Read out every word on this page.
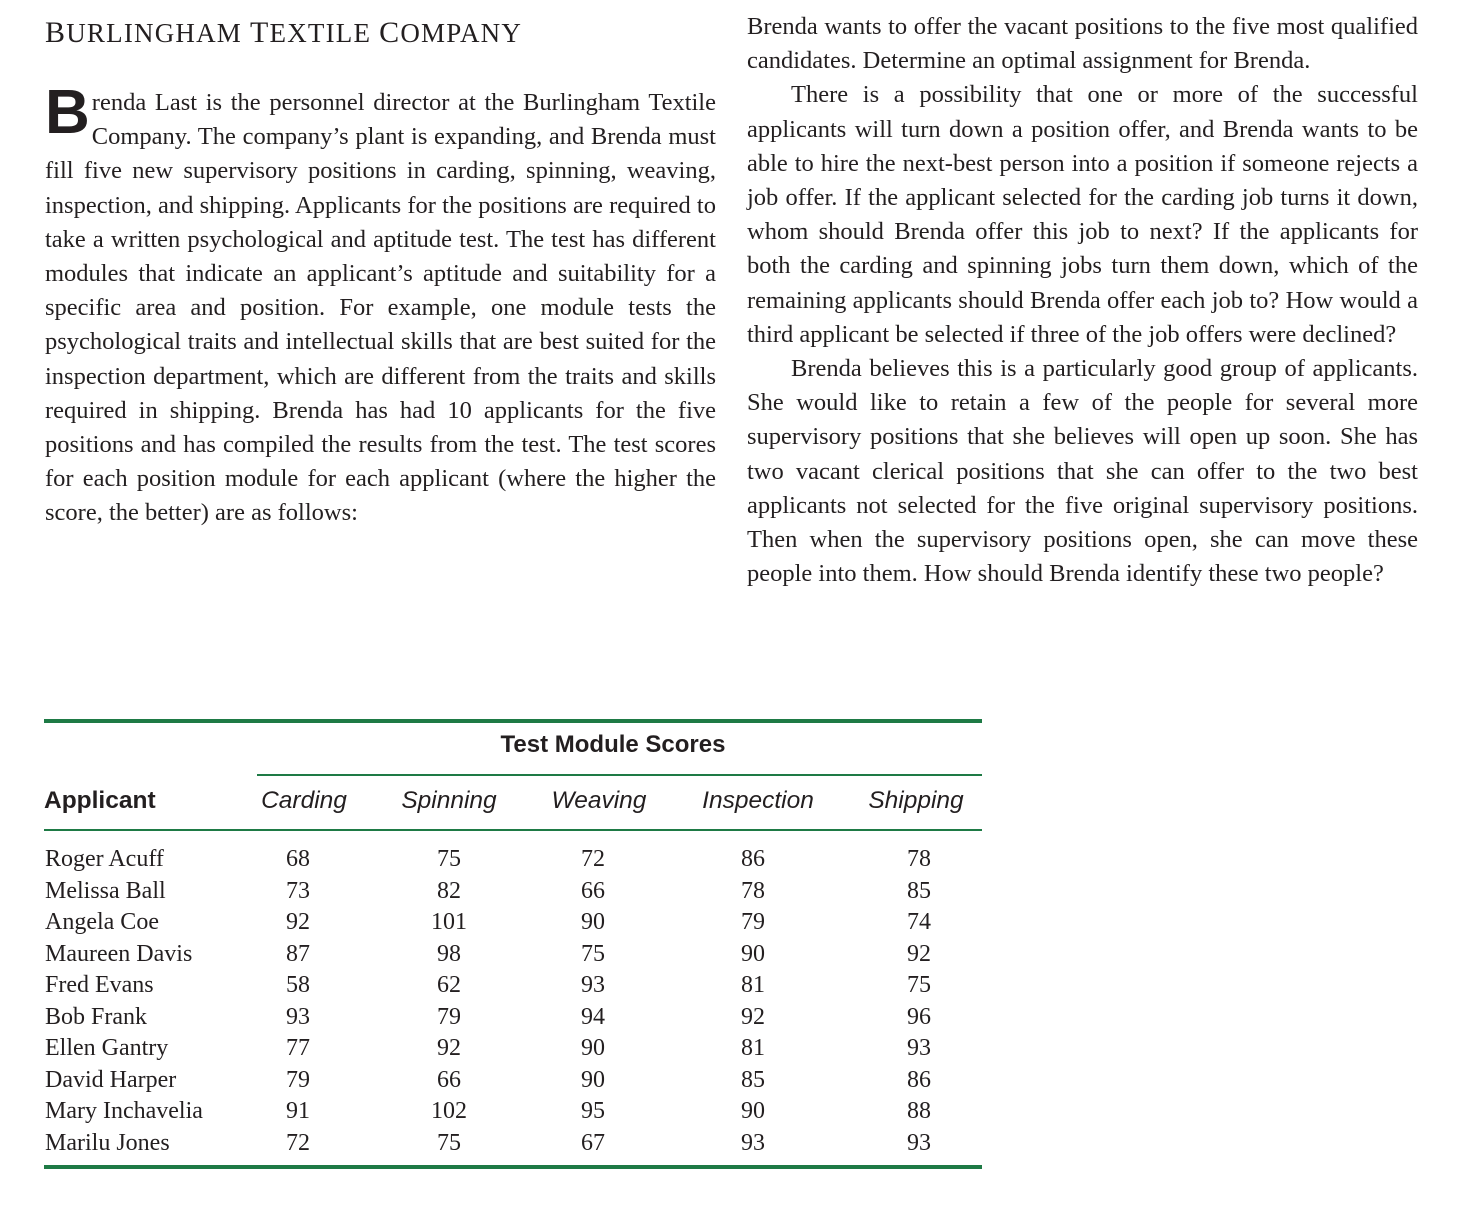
BURLINGHAM TEXTILE COMPANY

Brenda Last is the personnel director at the Burlingham Textile Company. The company’s plant is expanding, and Brenda must fill five new supervisory positions in carding, spinning, weaving, inspection, and shipping. Applicants for the positions are required to take a written psychological and aptitude test. The test has different modules that indicate an applicant’s aptitude and suitability for a specific area and position. For example, one module tests the psychological traits and intellectual skills that are best suited for the inspection department, which are different from the traits and skills required in shipping. Brenda has had 10 applicants for the five positions and has compiled the results from the test. The test scores for each position module for each applicant (where the higher the score, the better) are as follows:

Brenda wants to offer the vacant positions to the five most qualified candidates. Determine an optimal assignment for Brenda.

There is a possibility that one or more of the successful applicants will turn down a position offer, and Brenda wants to be able to hire the next-best person into a position if someone rejects a job offer. If the applicant selected for the carding job turns it down, whom should Brenda offer this job to next? If the applicants for both the carding and spinning jobs turn them down, which of the remaining applicants should Brenda offer each job to? How would a third applicant be selected if three of the job offers were declined?

Brenda believes this is a particularly good group of applicants. She would like to retain a few of the people for several more supervisory positions that she believes will open up soon. She has two vacant clerical positions that she can offer to the two best applicants not selected for the five original supervisory positions. Then when the supervisory positions open, she can move these people into them. How should Brenda identify these two people?

Test Module Scores
Applicant	Carding	Spinning	Weaving	Inspection	Shipping
Roger Acuff	68	75	72	86	78
Melissa Ball	73	82	66	78	85
Angela Coe	92	101	90	79	74
Maureen Davis	87	98	75	90	92
Fred Evans	58	62	93	81	75
Bob Frank	93	79	94	92	96
Ellen Gantry	77	92	90	81	93
David Harper	79	66	90	85	86
Mary Inchavelia	91	102	95	90	88
Marilu Jones	72	75	67	93	93
